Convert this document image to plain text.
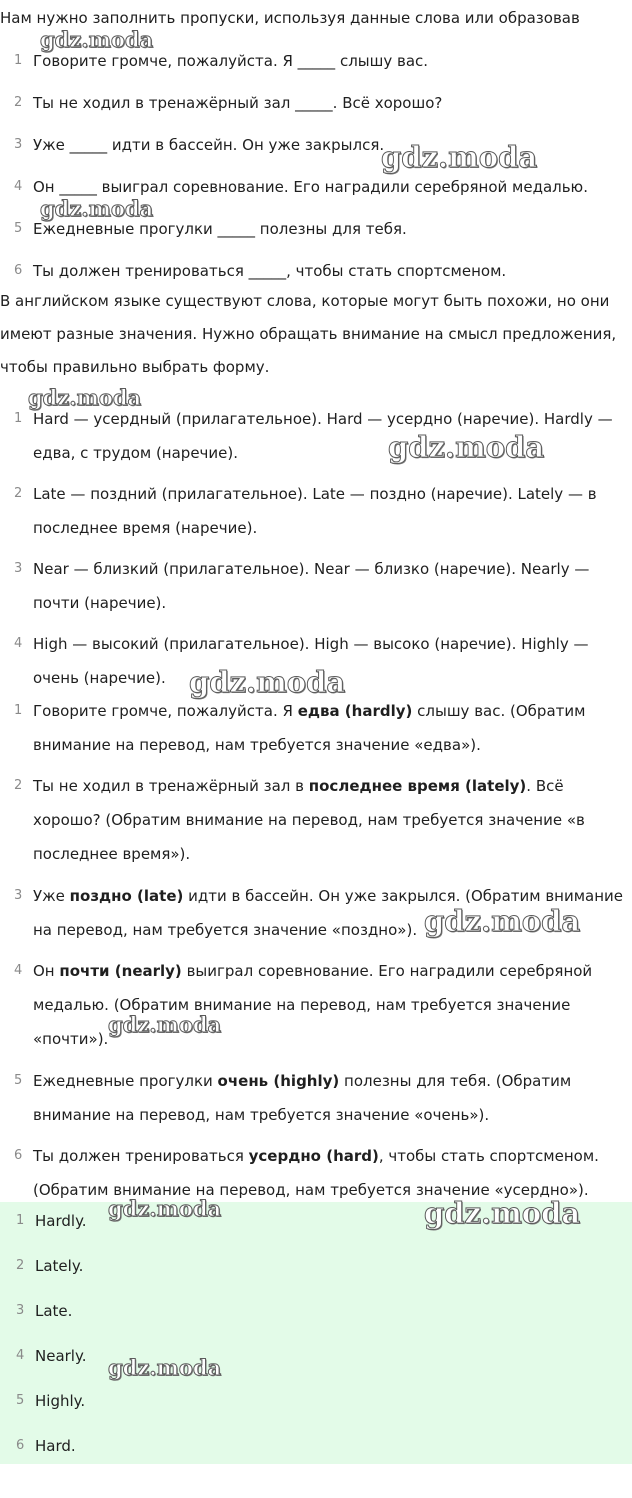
Нам нужно заполнить пропуски, используя данные слова или образовав

1 Говорите громче, пожалуйста. Я _____ слышу вас.
2 Ты не ходил в тренажёрный зал _____. Всё хорошо?
3 Уже _____ идти в бассейн. Он уже закрылся.
4 Он _____ выиграл соревнование. Его наградили серебряной медалью.
5 Ежедневные прогулки _____ полезны для тебя.
6 Ты должен тренироваться _____, чтобы стать спортсменом.

В английском языке существуют слова, которые могут быть похожи, но они имеют разные значения. Нужно обращать внимание на смысл предложения, чтобы правильно выбрать форму.

1 Hard — усердный (прилагательное). Hard — усердно (наречие). Hardly — едва, с трудом (наречие).
2 Late — поздний (прилагательное). Late — поздно (наречие). Lately — в последнее время (наречие).
3 Near — близкий (прилагательное). Near — близко (наречие). Nearly — почти (наречие).
4 High — высокий (прилагательное). High — высоко (наречие). Highly — очень (наречие).
1 Говорите громче, пожалуйста. Я едва (hardly) слышу вас. (Обратим внимание на перевод, нам требуется значение «едва»).
2 Ты не ходил в тренажёрный зал в последнее время (lately). Всё хорошо? (Обратим внимание на перевод, нам требуется значение «в последнее время»).
3 Уже поздно (late) идти в бассейн. Он уже закрылся. (Обратим внимание на перевод, нам требуется значение «поздно»).
4 Он почти (nearly) выиграл соревнование. Его наградили серебряной медалью. (Обратим внимание на перевод, нам требуется значение «почти»).
5 Ежедневные прогулки очень (highly) полезны для тебя. (Обратим внимание на перевод, нам требуется значение «очень»).
6 Ты должен тренироваться усердно (hard), чтобы стать спортсменом. (Обратим внимание на перевод, нам требуется значение «усердно»).
1 Hardly.
2 Lately.
3 Late.
4 Nearly.
5 Highly.
6 Hard.
gdz.moda
gdz.moda
gdz.moda
gdz.moda
gdz.moda
gdz.moda
gdz.moda
gdz.moda
gdz.moda	gdz.moda
gdz.moda
